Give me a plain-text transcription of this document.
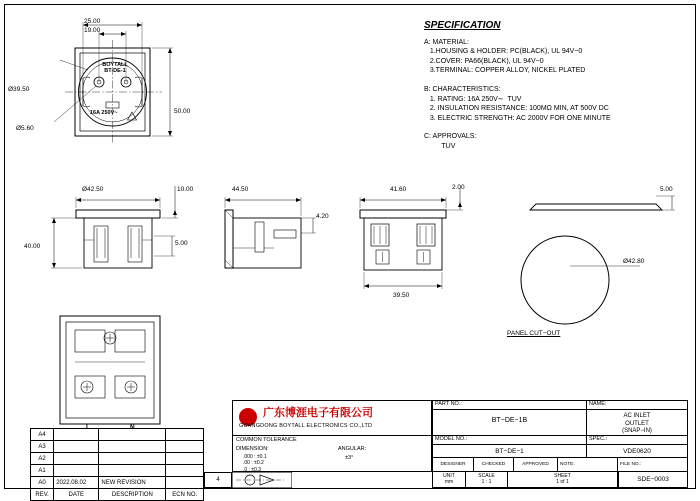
SPECIFICATION
A: MATERIAL:
1.HOUSING & HOLDER: PC(BLACK), UL 94V−0
2.COVER: PA66(BLACK), UL 94V−0
3.TERMINAL: COPPER ALLOY, NICKEL PLATED

B: CHARACTERISTICS:
1. RATING: 16A 250V∼  TUV
2. INSULATION RESISTANCE: 100MΩ MIN, AT 500V DC
3. ELECTRIC STRENGTH: AC 2000V FOR ONE MINUTE

C: APPROVALS:
TUV
19.00
25.00
Ø39.50
Ø5.60
50.00
BOYTALL
BT-DE-1
16A 250V~
Ø42.50
40.00
10.00
5.00
44.50
4.20
41.60	2.00
39.50
5.00
Ø42.80
PANEL CUT−OUT
L	N
广东博涯电子有限公司
GUANGDONG BOYTALL ELECTRONICS CO.,LTD
PART NO.:
BT−DE−1B
NAME:
AC INLET
OUTLET
(SNAP−IN)
MODEL NO.:
BT−DE−1
SPEC.:
VDE0620
COMMON TOLERANCE
DIMENSION:	ANGULAR:
±3°
.000 : ±0.1
.00 : ±0.2
.0 : ±0.3
DESIGNER	CHECKED	APPROVED	NOTE:	FILE NO.:
SDE−0003
UNIT
mm
SCALE
1 : 1
SHEET
1 of 1
4
A4			
A3			
A2			
A1			
A0	2022.08.02	NEW REVISION	
REV.	DATE	DESCRIPTION	ECN NO.
